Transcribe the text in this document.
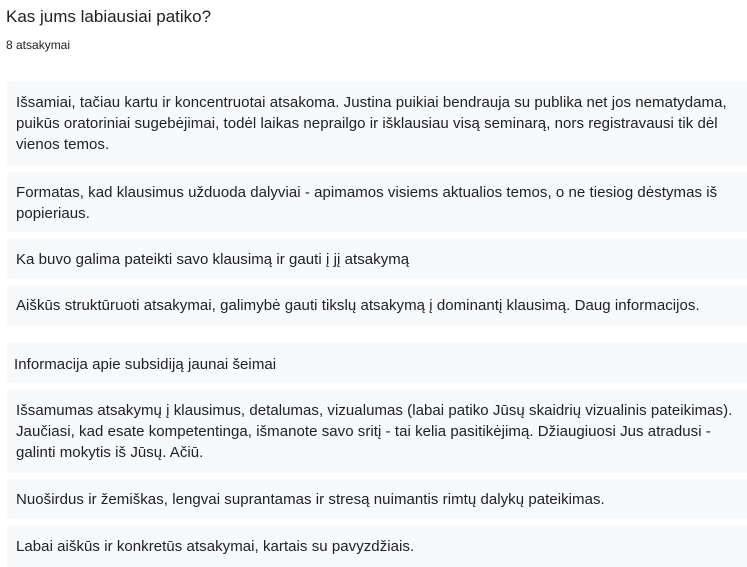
Kas jums labiausiai patiko?
8 atsakymai
Išsamiai, tačiau kartu ir koncentruotai atsakoma. Justina puikiai bendrauja su publika net jos nematydama, puikūs oratoriniai sugebėjimai, todėl laikas neprailgo ir išklausiau visą seminarą, nors registravausi tik dėl vienos temos.
Formatas, kad klausimus užduoda dalyviai - apimamos visiems aktualios temos, o ne tiesiog dėstymas iš popieriaus.
Ka buvo galima pateikti savo klausimą ir gauti į jį atsakymą
Aiškūs struktūruoti atsakymai, galimybė gauti tikslų atsakymą į dominantį klausimą. Daug informacijos.
Informacija apie subsidiją jaunai šeimai
Išsamumas atsakymų į klausimus, detalumas, vizualumas (labai patiko Jūsų skaidrių vizualinis pateikimas). Jaučiasi, kad esate kompetentinga, išmanote savo sritį - tai kelia pasitikėjimą. Džiaugiuosi Jus atradusi - galinti mokytis iš Jūsų. Ačiū.
Nuoširdus ir žemiškas, lengvai suprantamas ir stresą nuimantis rimtų dalykų pateikimas.
Labai aiškūs ir konkretūs atsakymai, kartais su pavyzdžiais.
